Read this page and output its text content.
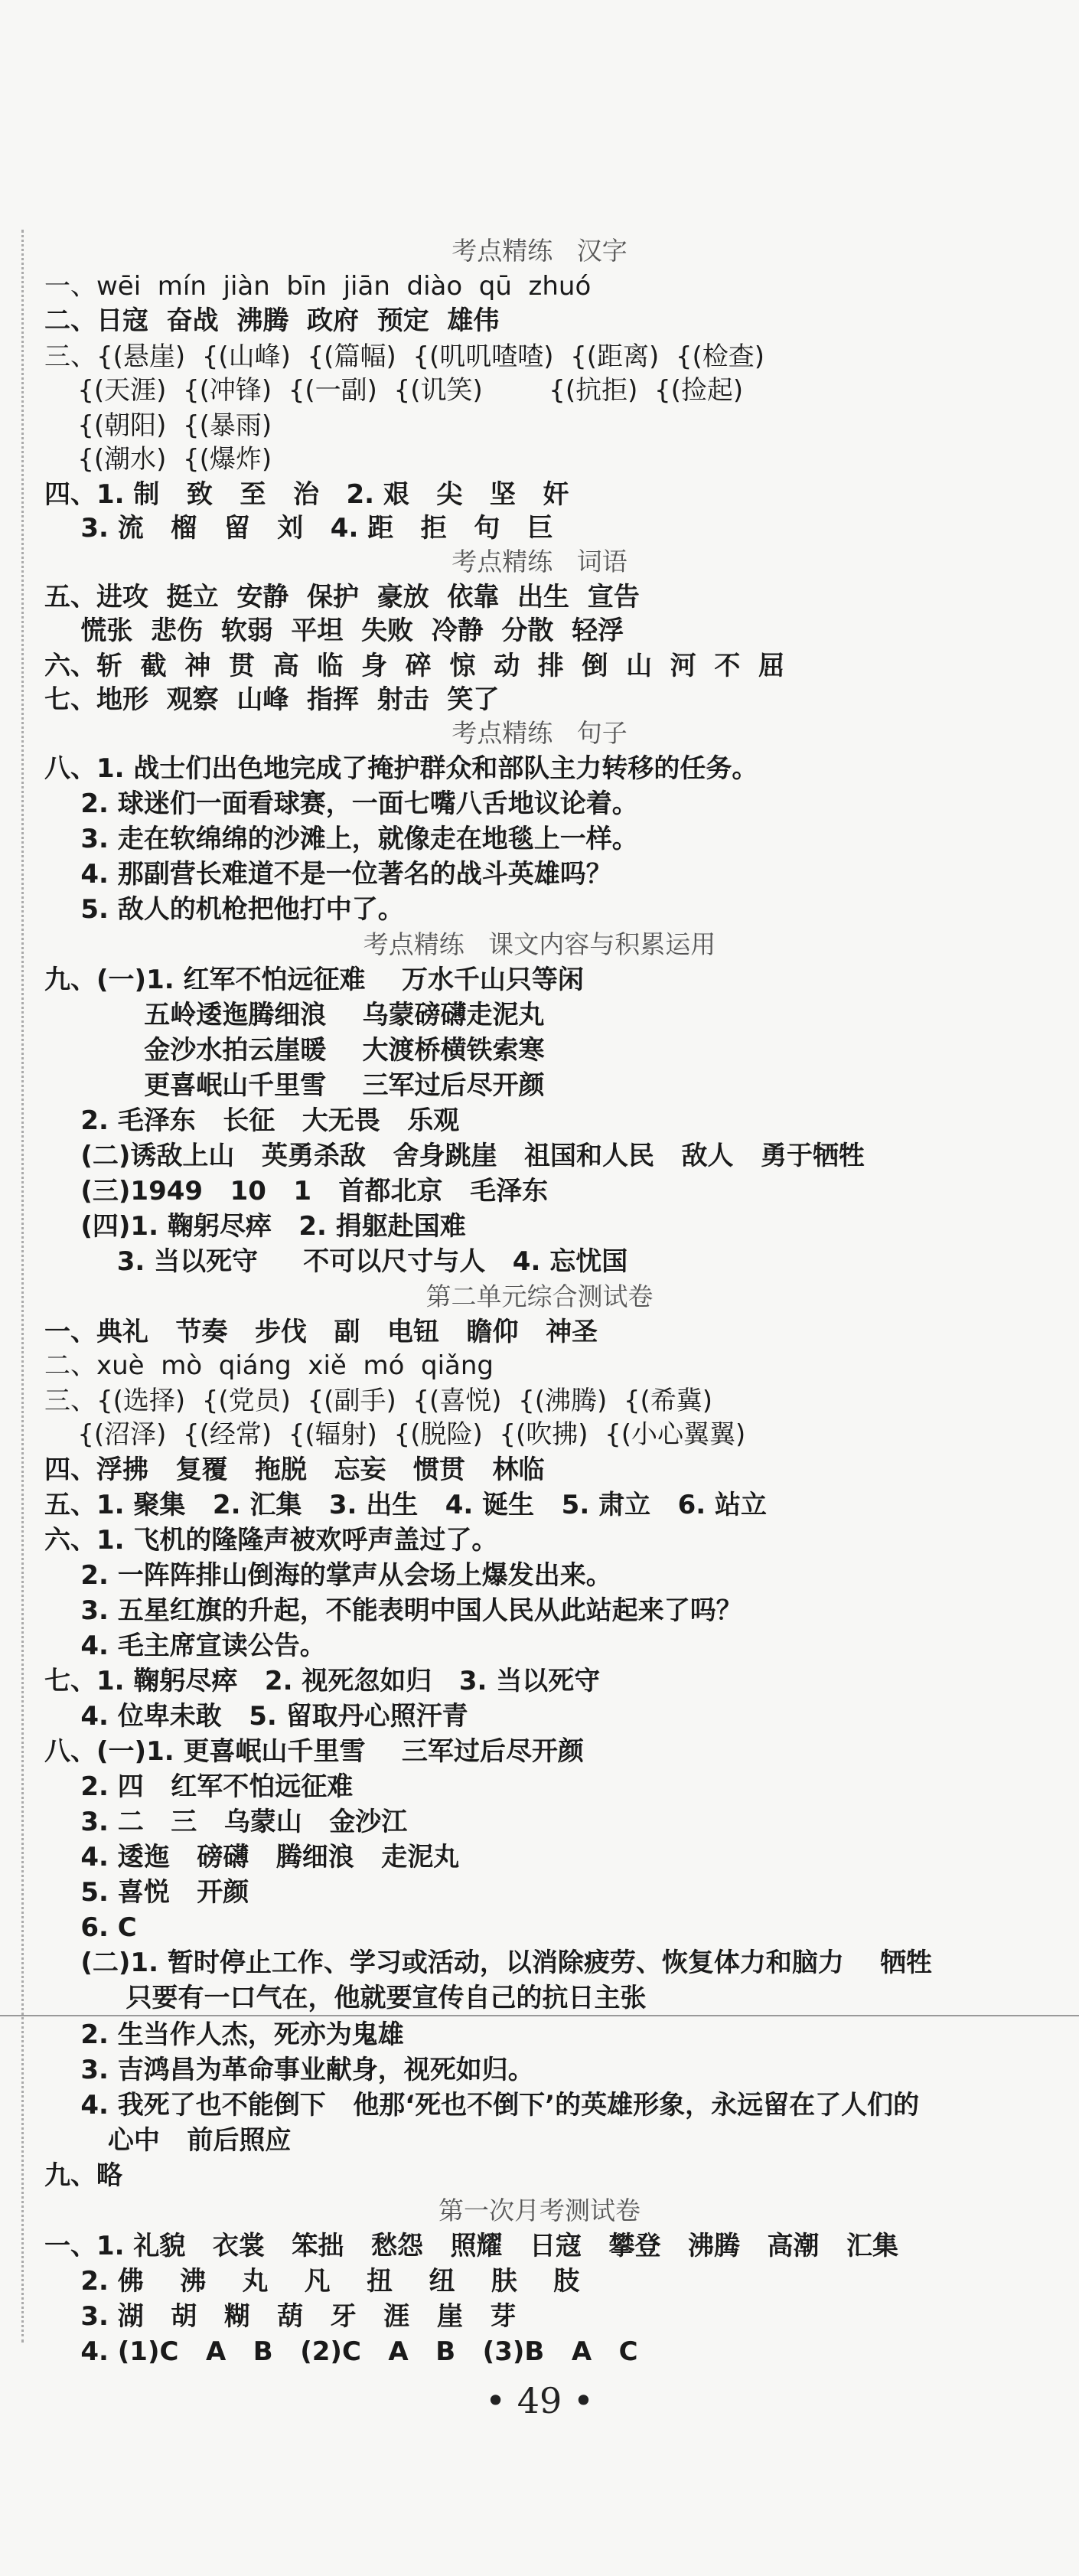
考点精练   汉字
一、wēi  mín  jiàn  bīn  jiān  diào  qū  zhuó
二、日寇  奋战  沸腾  政府  预定  雄伟
三、{(悬崖)  {(山峰)  {(篇幅)  {(叽叽喳喳)  {(距离)  {(检查)
{(天涯)  {(冲锋)  {(一副)  {(讥笑)        {(抗拒)  {(捡起)
{(朝阳)  {(暴雨)
{(潮水)  {(爆炸)
四、1. 制   致   至   治   2. 艰   尖   坚   奸
3. 流   榴   留   刘   4. 距   拒   句   巨
考点精练   词语
五、进攻  挺立  安静  保护  豪放  依靠  出生  宣告
慌张  悲伤  软弱  平坦  失败  冷静  分散  轻浮
六、斩  截  神  贯  高  临  身  碎  惊  动  排  倒  山  河  不  屈
七、地形  观察  山峰  指挥  射击  笑了
考点精练   句子
八、1. 战士们出色地完成了掩护群众和部队主力转移的任务。
2. 球迷们一面看球赛，一面七嘴八舌地议论着。
3. 走在软绵绵的沙滩上，就像走在地毯上一样。
4. 那副营长难道不是一位著名的战斗英雄吗？
5. 敌人的机枪把他打中了。
考点精练   课文内容与积累运用
九、(一)1. 红军不怕远征难    万水千山只等闲
五岭逶迤腾细浪    乌蒙磅礴走泥丸
金沙水拍云崖暖    大渡桥横铁索寒
更喜岷山千里雪    三军过后尽开颜
2. 毛泽东   长征   大无畏   乐观
(二)诱敌上山   英勇杀敌   舍身跳崖   祖国和人民   敌人   勇于牺牲
(三)1949   10   1   首都北京   毛泽东
(四)1. 鞠躬尽瘁   2. 捐躯赴国难
3. 当以死守     不可以尺寸与人   4. 忘忧国
第二单元综合测试卷
一、典礼   节奏   步伐   副   电钮   瞻仰   神圣
二、xuè  mò  qiáng  xiě  mó  qiǎng
三、{(选择)  {(党员)  {(副手)  {(喜悦)  {(沸腾)  {(希冀)
{(沼泽)  {(经常)  {(辐射)  {(脱险)  {(吹拂)  {(小心翼翼)
四、浮拂   复覆   拖脱   忘妄   惯贯   林临
五、1. 聚集   2. 汇集   3. 出生   4. 诞生   5. 肃立   6. 站立
六、1. 飞机的隆隆声被欢呼声盖过了。
2. 一阵阵排山倒海的掌声从会场上爆发出来。
3. 五星红旗的升起，不能表明中国人民从此站起来了吗？
4. 毛主席宣读公告。
七、1. 鞠躬尽瘁   2. 视死忽如归   3. 当以死守
4. 位卑未敢   5. 留取丹心照汗青
八、(一)1. 更喜岷山千里雪    三军过后尽开颜
2. 四   红军不怕远征难
3. 二   三   乌蒙山   金沙江
4. 逶迤   磅礴   腾细浪   走泥丸
5. 喜悦   开颜
6. C
(二)1. 暂时停止工作、学习或活动，以消除疲劳、恢复体力和脑力    牺牲
只要有一口气在，他就要宣传自己的抗日主张
2. 生当作人杰，死亦为鬼雄
3. 吉鸿昌为革命事业献身，视死如归。
4. 我死了也不能倒下   他那‘死也不倒下’的英雄形象，永远留在了人们的
心中   前后照应
九、略
第一次月考测试卷
一、1. 礼貌   衣裳   笨拙   愁怨   照耀   日寇   攀登   沸腾   高潮   汇集
2. 佛    沸    丸    凡    扭    纽    肤    肢
3. 湖   胡   糊   葫   牙   涯   崖   芽
4. (1)C   A   B   (2)C   A   B   (3)B   A   C
• 49 •
